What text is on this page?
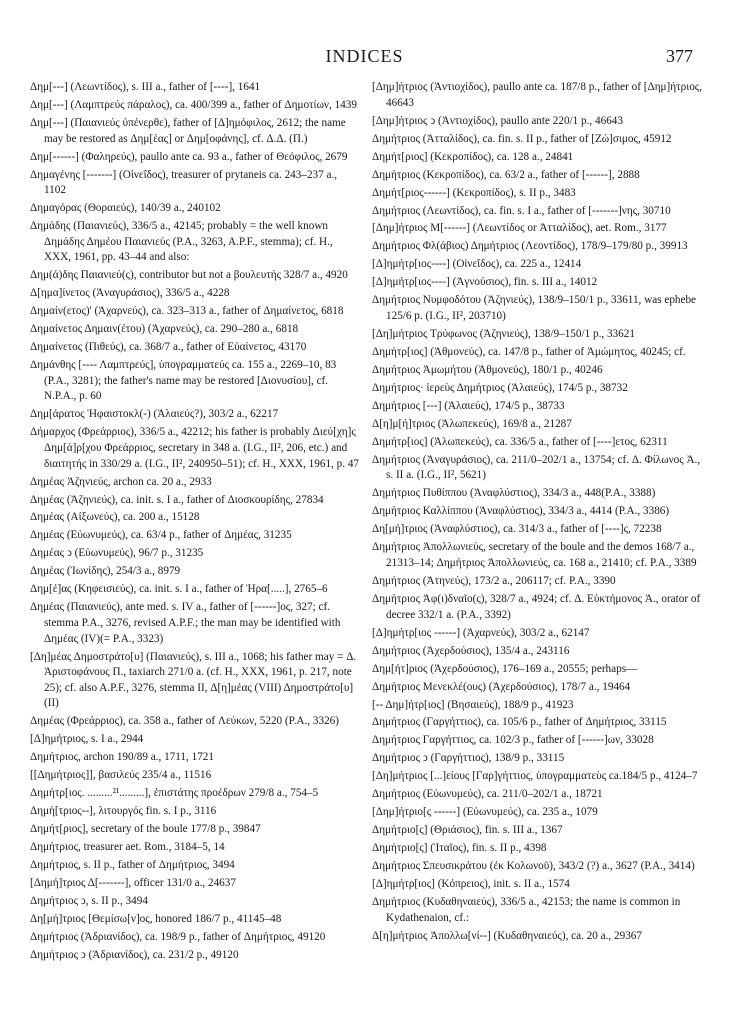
INDICES	377

Δημ[---] (Λεωντίδος), s. III a., father of [----], 1641

Δημ[---] (Λαμπτρεύς πάραλος), ca. 400/399 a., father of Δημοτίων, 1439

Δημ[---] (Παιανιεύς ὑπένερθε), father of [Δ]ημόφιλος, 2612; the name may be restored as Δημ[έας] or Δημ[οφάνης], cf. Δ.Δ. (Π.)

Δημ[------] (Φαληρεύς), paullo ante ca. 93 a., father of Θεόφιλος, 2679

Δημαγένης [-------] (Οἰνεΐδος), treasurer of prytaneis ca. 243–237 a., 1102

Δημαγόρας (Θοραιεύς), 140/39 a., 240102

Δημάδης (Παιανιεύς), 336/5 a., 42145; probably = the well known Δημάδης Δημέου Παιανιεύς (P.A., 3263, A.P.F., stemma); cf. H., XXX, 1961, pp. 43–44 and also:

Δημ(ά)δης Παιανιεύ(ς), contributor but not a βουλευτής 328/7 a., 4920

Δ[ημα]ίνετος (Ἀναγυράσιος), 336/5 a., 4228

Δημαίν(ετος)' (Ἀχαρνεύς), ca. 323–313 a., father of Δημαίνετος, 6818

Δημαίνετος Δημαιν(έτου) (Ἀχαρνεύς), ca. 290–280 a., 6818

Δημαίνετος (Πιθεύς), ca. 368/7 a., father of Εὐαίνετος, 43170

Δημάνθης [---- Λαμπτρεύς], ὑπογραμματεύς ca. 155 a., 2269–10, 83 (P.A., 3281); the father's name may be restored [Διονυσίου], cf. N.P.A., p. 60

Δημ[άρατος Ἡφαιστοκλ(-) (Ἁλαιεύς?), 303/2 a., 62217

Δήμαρχος (Φρεάρριος), 336/5 a., 42212; his father is probably Διεύ[χη]ς Δημ[ά]ρ[χου Φρεάρριος, secretary in 348 a. (I.G., II², 206, etc.) and διαιτητής in 330/29 a. (I.G., II², 240950–51); cf. H., XXX, 1961, p. 47

Δημέας Ἀζηνιεύς, archon ca. 20 a., 2933

Δημέας (Ἀζηνιεύς), ca. init. s. I a., father of Διοσκουρίδης, 27834

Δημέας (Αἰξωνεύς), ca. 200 a., 15128

Δημέας (Εὐωνυμεύς), ca. 63/4 p., father of Δημέας, 31235

Δημέας ͻ (Εὐωνυμεύς), 96/7 p., 31235

Δημέας (Ἰωνίδης), 254/3 a., 8979

Δημ[έ]ας (Κηφεισιεύς), ca. init. s. I a., father of Ἡρα[.....], 2765–6

Δημέας (Παιανιεύς), ante med. s. IV a., father of [------]ος, 327; cf. stemma P.A., 3276, revised A.P.F.; the man may be identified with Δημέας (IV)(= P.A., 3323)

[Δη]μέας Δημοστράτο[υ] (Παιανιεύς), s. III a., 1068; his father may = Δ. Ἀριστοφάνους Π., taxiarch 271/0 a. (cf. H., XXX, 1961, p. 217, note 25); cf. also A.P.F., 3276, stemma II, Δ[η]μέας (VIII) Δημοστράτο[υ] (II)

Δημέας (Φρεάρριος), ca. 358 a., father of Λεύκων, 5220 (P.A., 3326)

[Δ]ημήτριος, s. I a., 2944

Δημήτριος, archon 190/89 a., 1711, 1721

[[Δημήτριος]], βασιλεύς 235/4 a., 11516

Δημήτρ[ιος. .........²¹.........], ἐπιστάτης προέδρων 279/8 a., 754–5

Δημή[τριος--], λιτουργός fin. s. I p., 3116

Δημήτ[ριος], secretary of the boule 177/8 p., 39847

Δημήτριος, treasurer aet. Rom., 3184–5, 14

Δημήτριος, s. II p., father of Δημήτριος, 3494

[Δημή]τριος Δ[-------], officer 131/0 a., 24637

Δημήτριος ͻ, s. II p., 3494

Δη[μή]τριος [Θεμίσω[ν]ος, honored 186/7 p., 41145–48

Δημήτριος (Ἁδριανίδος), ca. 198/9 p., father of Δημήτριος, 49120

Δημήτριος ͻ (Ἁδριανίδος), ca. 231/2 p., 49120

[Δημ]ήτριος (Ἀντιοχίδος), paullo ante ca. 187/8 p., father of [Δημ]ήτριος, 46643

[Δημ]ήτριος ͻ (Ἀντιοχίδος), paullo ante 220/1 p., 46643

Δημήτριος (Ἀτταλίδος), ca. fin. s. II p., father of [Ζώ]σιμος, 45912

Δημήτ[ριος] (Κεκροπίδος), ca. 128 a., 24841

Δημήτριος (Κεκροπίδος), ca. 63/2 a., father of [------], 2888

Δημήτ[ριος------] (Κεκροπίδος), s. II p., 3483

Δημήτριος (Λεωντίδος), ca. fin. s. I a., father of [-------]νης, 30710

[Δημ]ήτριος Μ[------] (Λεωντίδος or Ἀτταλίδος), aet. Rom., 3177

Δημήτριος Φλ(άβιος) Δημήτριος (Λεοντίδος), 178/9–179/80 p., 39913

[Δ]ημήτρ[ιος----] (Οἰνεΐδος), ca. 225 a., 12414

[Δ]ημήτρ[ιος----] (Ἀγνούσιος), fin. s. III a., 14012

Δημήτριος Νυμφοδότου (Ἀζηνιεύς), 138/9–150/1 p., 33611, was ephebe 125/6 p. (I.G., II², 203710)

[Δη]μήτριος Τρύφωνος (Ἀζηνιεύς), 138/9–150/1 p., 33621

Δημήτρ[ιος] (Ἀθμονεύς), ca. 147/8 p., father of Ἀμώμητος, 40245; cf.

Δημήτριος Ἀμωμήτου (Ἀθμονεύς), 180/1 p., 40246

Δημήτριος· ἱερεὺς Δημήτριος (Ἁλαιεύς), 174/5 p., 38732

Δημήτριος [---] (Ἁλαιεύς), 174/5 p., 38733

Δ[η]μ[ή]τριος (Ἀλωπεκεύς), 169/8 a., 21287

Δημήτρ[ιος] (Ἀλωπεκεύς), ca. 336/5 a., father of [----]ετος, 62311

Δημήτριος (Ἀναγυράσιος), ca. 211/0–202/1 a., 13754; cf. Δ. Φίλωνος Ἀ., s. II a. (I.G., II², 5621)

Δημήτριος Πυθίππου (Ἀναφλύστιος), 334/3 a., 448(P.A., 3388)

Δημήτριος Καλλίππου (Ἀναφλύστιος), 334/3 a., 4414 (P.A., 3386)

Δη[μή]τριος (Ἀναφλύστιος), ca. 314/3 a., father of [----]ς, 72238

Δημήτριος Ἀπολλωνιεύς, secretary of the boule and the demos 168/7 a., 21313–14; Δημήτριος Ἀπολλωνιεύς, ca. 168 a., 21410; cf. P.A., 3389

Δημήτριος (Ἀτηνεύς), 173/2 a., 206117; cf. P.A., 3390

Δημήτριος Ἀφ(ι)δναῖο(ς), 328/7 a., 4924; cf. Δ. Εὐκτήμονος Ἀ., orator of decree 332/1 a. (P.A., 3392)

[Δ]ημήτρ[ιος ------] (Ἀχαρνεύς), 303/2 a., 62147

Δημήτριος (Ἀχερδούσιος), 135/4 a., 243116

Δημ[ήτ]ριος (Ἀχερδούσιος), 176–169 a., 20555; perhaps—

Δημήτριος Μενεκλέ(ους) (Ἀχερδούσιος), 178/7 a., 19464

[-- Δημ]ήτρ[ιος] (Βησαιεύς), 188/9 p., 41923

Δημήτριος (Γαργήττιος), ca. 105/6 p., father of Δημήτριος, 33115

Δημήτριος Γαργήττιος, ca. 102/3 p., father of [------]ων, 33028

Δημήτριος ͻ (Γαργήττιος), 138/9 p., 33115

[Δη]μήτριος [...]είους [Γαρ]γήττιος, ὑπογραμματεὺς ca.184/5 p., 4124–7

Δημήτριος (Εὐωνυμεύς), ca. 211/0–202/1 a., 18721

[Δημ]ήτριο[ς ------] (Εὐωνυμεύς), ca. 235 a., 1079

Δημήτριο[ς] (Θριάσιος), fin. s. III a., 1367

Δημήτριο[ς] (Ἰταῖος), fin. s. II p., 4398

Δημήτριος Σπευσικράτου (ἐκ Κολωνοῦ), 343/2 (?) a., 3627 (P.A., 3414)

[Δ]ημήτρ[ιος] (Κόπρειος), init. s. II a., 1574

Δημήτριος (Κυδαθηναιεύς), 336/5 a., 42153; the name is common in Kydathenaion, cf.:

Δ[η]μήτριος Ἀπολλω[νί--] (Κυδαθηναιεύς), ca. 20 a., 29367
